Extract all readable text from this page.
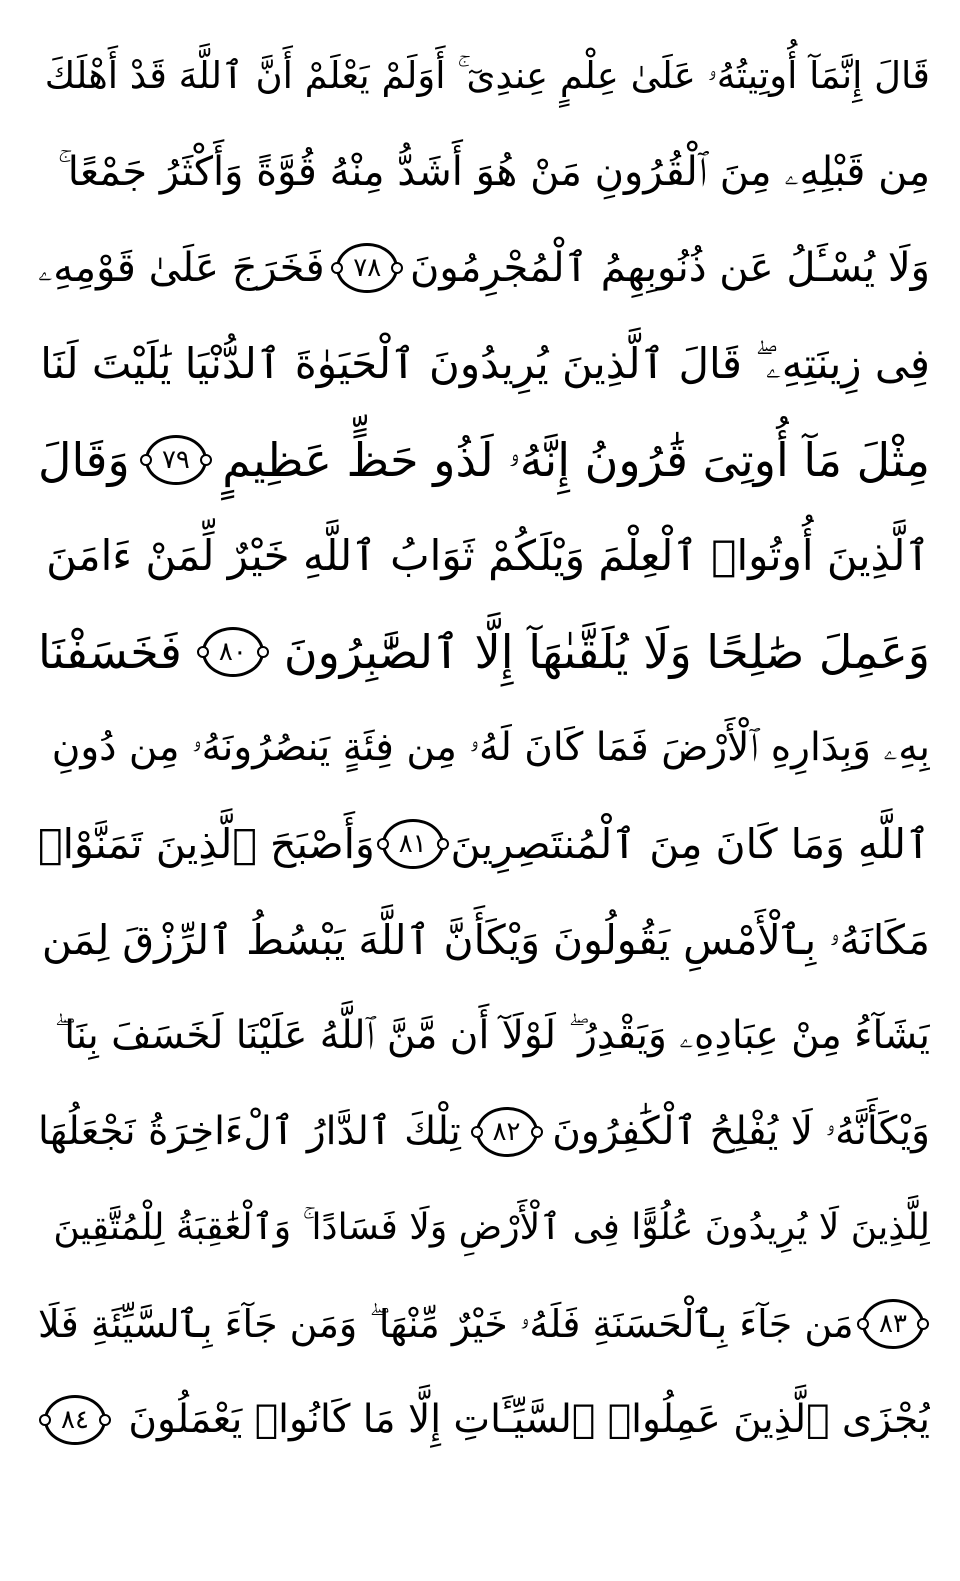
قَالَ إِنَّمَآ أُوتِيتُهُۥ عَلَىٰ عِلْمٍ عِندِىٓ ۚ أَوَلَمْ يَعْلَمْ أَنَّ ٱللَّهَ قَدْ أَهْلَكَ
مِن قَبْلِهِۦ مِنَ ٱلْقُرُونِ مَنْ هُوَ أَشَدُّ مِنْهُ قُوَّةً وَأَكْثَرُ جَمْعًا ۚ
وَلَا يُسْـَٔلُ عَن ذُنُوبِهِمُ ٱلْمُجْرِمُونَ
٧٨
فَخَرَجَ عَلَىٰ قَوْمِهِۦ
فِى زِينَتِهِۦ ۖ قَالَ ٱلَّذِينَ يُرِيدُونَ ٱلْحَيَوٰةَ ٱلدُّنْيَا يَٰلَيْتَ لَنَا
مِثْلَ مَآ أُوتِىَ قَٰرُونُ إِنَّهُۥ لَذُو حَظٍّ عَظِيمٍ
٧٩
وَقَالَ
ٱلَّذِينَ أُوتُوا۟ ٱلْعِلْمَ وَيْلَكُمْ ثَوَابُ ٱللَّهِ خَيْرٌ لِّمَنْ ءَامَنَ
وَعَمِلَ صَٰلِحًا وَلَا يُلَقَّىٰهَآ إِلَّا ٱلصَّٰبِرُونَ
٨٠
فَخَسَفْنَا
بِهِۦ وَبِدَارِهِ ٱلْأَرْضَ فَمَا كَانَ لَهُۥ مِن فِئَةٍ يَنصُرُونَهُۥ مِن دُونِ
ٱللَّهِ وَمَا كَانَ مِنَ ٱلْمُنتَصِرِينَ
٨١
وَأَصْبَحَ ٱلَّذِينَ تَمَنَّوْا۟
مَكَانَهُۥ بِٱلْأَمْسِ يَقُولُونَ وَيْكَأَنَّ ٱللَّهَ يَبْسُطُ ٱلرِّزْقَ لِمَن
يَشَآءُ مِنْ عِبَادِهِۦ وَيَقْدِرُ ۖ لَوْلَآ أَن مَّنَّ ٱللَّهُ عَلَيْنَا لَخَسَفَ بِنَا ۖ
وَيْكَأَنَّهُۥ لَا يُفْلِحُ ٱلْكَٰفِرُونَ
٨٢
تِلْكَ ٱلدَّارُ ٱلْءَاخِرَةُ نَجْعَلُهَا
لِلَّذِينَ لَا يُرِيدُونَ عُلُوًّا فِى ٱلْأَرْضِ وَلَا فَسَادًا ۚ وَٱلْعَٰقِبَةُ لِلْمُتَّقِينَ
٨٣
مَن جَآءَ بِٱلْحَسَنَةِ فَلَهُۥ خَيْرٌ مِّنْهَا ۖ وَمَن جَآءَ بِٱلسَّيِّئَةِ فَلَا
يُجْزَى ٱلَّذِينَ عَمِلُوا۟ ٱلسَّيِّـَٔاتِ إِلَّا مَا كَانُوا۟ يَعْمَلُونَ
٨٤
